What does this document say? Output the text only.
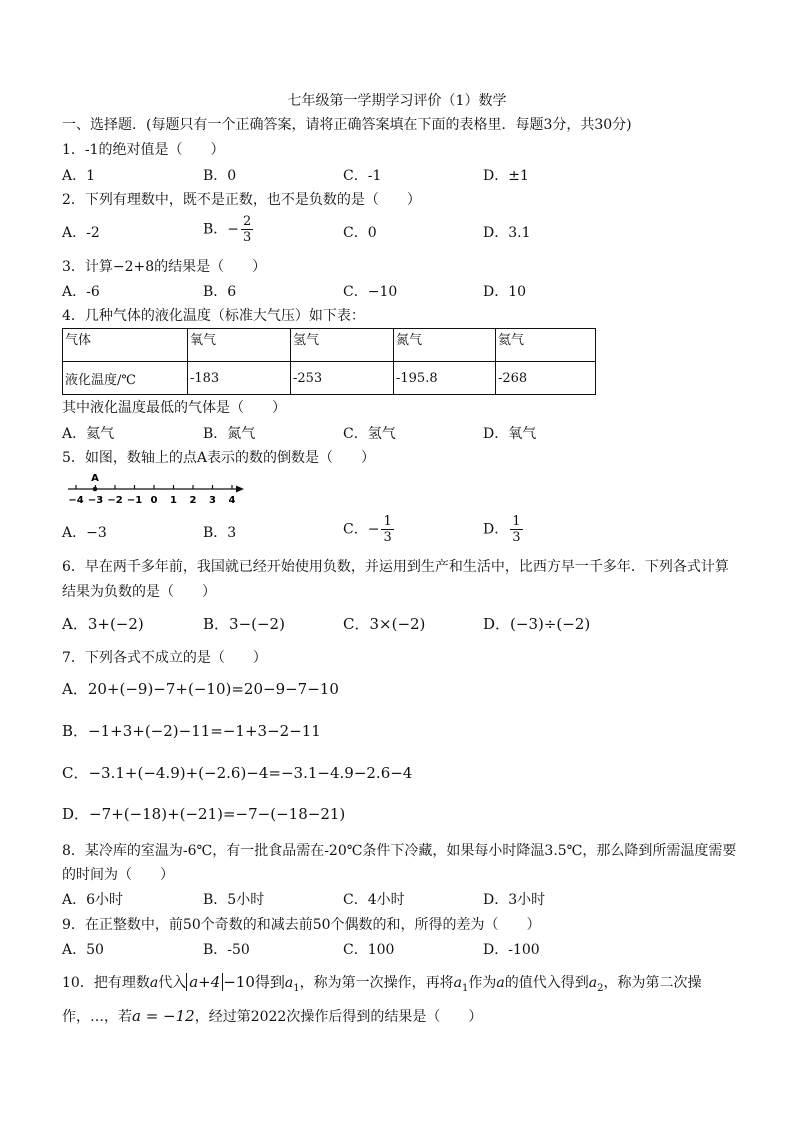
七年级第一学期学习评价（1）数学
一、选择题．(每题只有一个正确答案，请将正确答案填在下面的表格里．每题3分，共30分)
1．-1的绝对值是（　　）
A．1	B．0	C．-1	D．±1
2．下列有理数中，既不是正数，也不是负数的是（　　）
A．-2	B．− $\frac{2}{3}$	C．0	D．3.1
3．计算−2+8的结果是（　　）
A．-6	B．6	C．−10	D．10
4．几种气体的液化温度（标准大气压）如下表：
气体	氧气	氢气	氮气	氦气
液化温度/℃	-183	-253	-195.8	-268
其中液化温度最低的气体是（　　）
A．氦气	B．氮气	C．氢气	D．氧气
5．如图，数轴上的点A表示的数的倒数是（　　）
A
−4 −3 −2 −1 0 1 2 3 4
A．−3	B．3	C．− $\frac{1}{3}$	D． $\frac{1}{3}$
6．早在两千多年前，我国就已经开始使用负数，并运用到生产和生活中，比西方早一千多年．下列各式计算
结果为负数的是（　　）
A．3+(−2)	B．3−(−2)	C．3×(−2)	D．(−3)÷(−2)
7．下列各式不成立的是（　　）
A．20+(−9)−7+(−10)=20−9−7−10
B．−1+3+(−2)−11=−1+3−2−11
C．−3.1+(−4.9)+(−2.6)−4=−3.1−4.9−2.6−4
D．−7+(−18)+(−21)=−7−(−18−21)
8．某冷库的室温为-6℃，有一批食品需在-20℃条件下冷藏，如果每小时降温3.5℃，那么降到所需温度需要
的时间为（　　）
A．6小时	B．5小时	C．4小时	D．3小时
9．在正整数中，前50个奇数的和减去前50个偶数的和，所得的差为（　　）
A．50	B．-50	C．100	D．-100
10．把有理数a代入 a+4 −10得到$a_1$，称为第一次操作，再将$a_1$作为a的值代入得到$a_2$，称为第二次操
作，…，若a = −12，经过第2022次操作后得到的结果是（　　）
